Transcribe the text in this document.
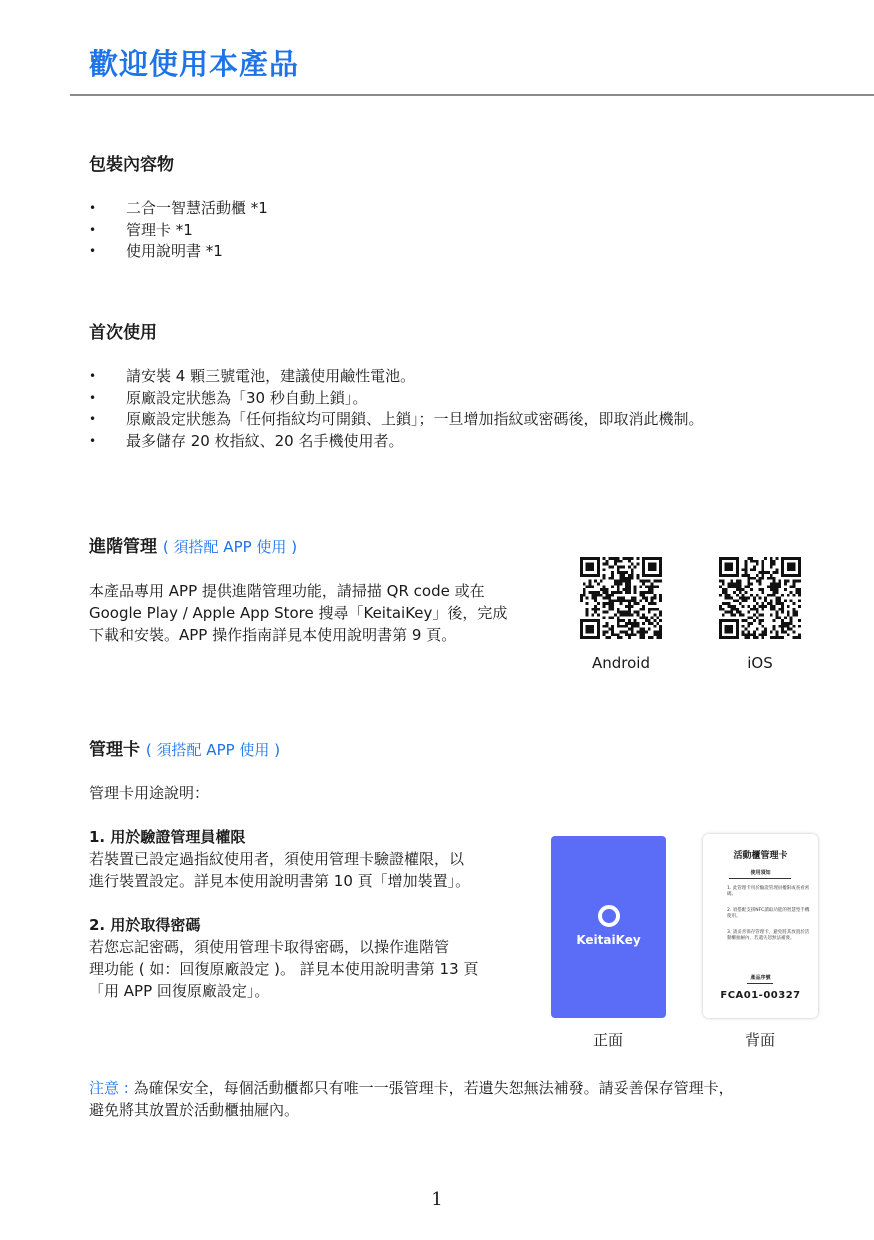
歡迎使用本產品
包裝內容物
• 二合一智慧活動櫃 *1
• 管理卡 *1
• 使用說明書 *1
首次使用
• 請安裝 4 顆三號電池，建議使用鹼性電池。
• 原廠設定狀態為「30 秒自動上鎖」。
• 原廠設定狀態為「任何指紋均可開鎖、上鎖」；一旦增加指紋或密碼後，即取消此機制。
• 最多儲存 20 枚指紋、20 名手機使用者。
進階管理 ( 須搭配 APP 使用 )
本產品專用 APP 提供進階管理功能，請掃描 QR code 或在
Google Play / Apple App Store 搜尋「KeitaiKey」後，完成
下載和安裝。APP 操作指南詳見本使用說明書第 9 頁。
Android	iOS
管理卡 ( 須搭配 APP 使用 )
管理卡用途說明：
1. 用於驗證管理員權限
若裝置已設定過指紋使用者，須使用管理卡驗證權限，以
進行裝置設定。詳見本使用說明書第 10 頁「增加裝置」。
2. 用於取得密碼
若您忘記密碼，須使用管理卡取得密碼，以操作進階管
理功能 ( 如：回復原廠設定 )。 詳見本使用說明書第 13 頁
「用 APP 回復原廠設定」。
KeitaiKey
正面
活動櫃管理卡
使用須知
1. 此管理卡用於驗證管理員權限或查看密碼。
2. 須搭配支援NFC讀取功能的智慧型手機使用。
3. 請妥善保存管理卡，避免將其放置於活動櫃抽屜內，若遺失恕無法補發。
產品序號
FCA01-00327
背面
注意 : 為確保安全，每個活動櫃都只有唯一一張管理卡，若遺失恕無法補發。請妥善保存管理卡，
避免將其放置於活動櫃抽屜內。
1
